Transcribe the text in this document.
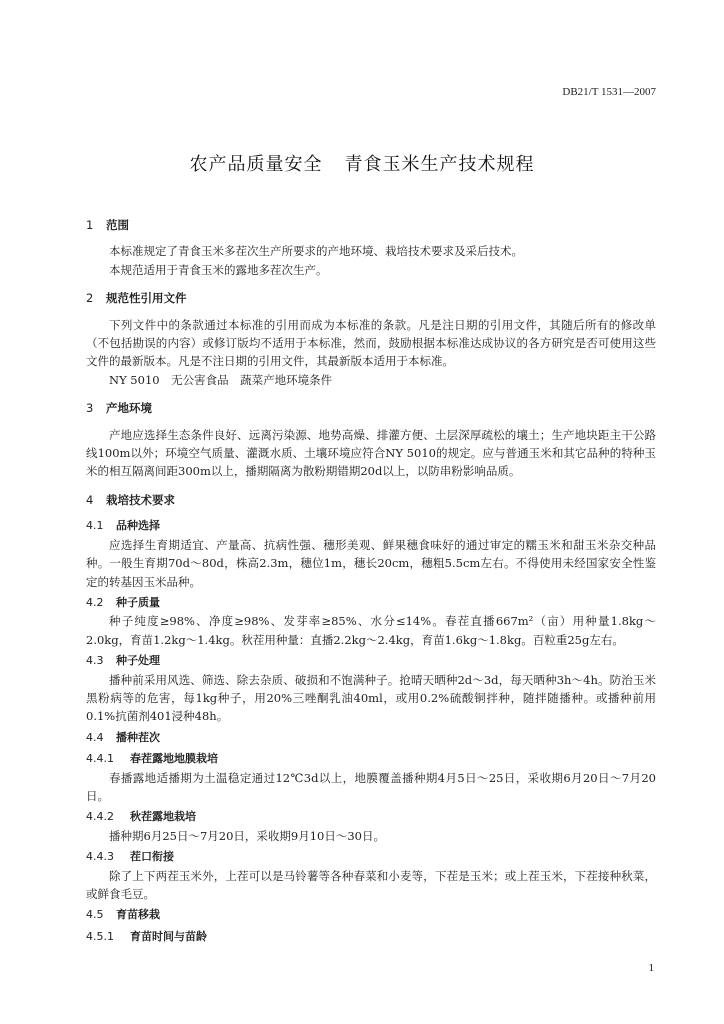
DB21/T 1531—2007
农产品质量安全 青食玉米生产技术规程
1 范围

本标准规定了青食玉米多茬次生产所要求的产地环境、栽培技术要求及采后技术。

本规范适用于青食玉米的露地多茬次生产。

2 规范性引用文件

下列文件中的条款通过本标准的引用而成为本标准的条款。凡是注日期的引用文件，其随后所有的修改单（不包括勘误的内容）或修订版均不适用于本标准，然而，鼓励根据本标准达成协议的各方研究是否可使用这些文件的最新版本。凡是不注日期的引用文件，其最新版本适用于本标准。

NY 5010　无公害食品　蔬菜产地环境条件

3 产地环境

产地应选择生态条件良好、远离污染源、地势高燥、排灌方便、土层深厚疏松的壤土；生产地块距主干公路线100m以外；环境空气质量、灌溉水质、土壤环境应符合NY 5010的规定。应与普通玉米和其它品种的特种玉米的相互隔离间距300m以上，播期隔离为散粉期错期20d以上，以防串粉影响品质。

4 栽培技术要求
4.1 品种选择

应选择生育期适宜、产量高、抗病性强、穗形美观、鲜果穗食味好的通过审定的糯玉米和甜玉米杂交种品种。一般生育期70d～80d，株高2.3m，穗位1m，穗长20cm，穗粗5.5cm左右。不得使用未经国家安全性鉴定的转基因玉米品种。

4.2 种子质量

种子纯度≥98%、净度≥98%、发芽率≥85%、水分≤14%。春茬直播667m²（亩）用种量1.8kg～2.0kg，育苗1.2kg～1.4kg。秋茬用种量：直播2.2kg～2.4kg，育苗1.6kg～1.8kg。百粒重25g左右。

4.3 种子处理

播种前采用风选、筛选、除去杂质、破损和不饱满种子。抢晴天晒种2d～3d，每天晒种3h～4h。防治玉米黑粉病等的危害，每1kg种子，用20%三唑酮乳油40ml，或用0.2%硫酸铜拌种，随拌随播种。或播种前用0.1%抗菌剂401浸种48h。

4.4 播种茬次
4.4.1 春茬露地地膜栽培

春播露地适播期为土温稳定通过12℃3d以上，地膜覆盖播种期4月5日～25日，采收期6月20日～7月20日。

4.4.2 秋茬露地栽培

播种期6月25日～7月20日，采收期9月10日～30日。

4.4.3 茬口衔接

除了上下两茬玉米外，上茬可以是马铃薯等各种春菜和小麦等，下茬是玉米；或上茬玉米，下茬接种秋菜，或鲜食毛豆。

4.5 育苗移栽
4.5.1 育苗时间与苗龄
1
